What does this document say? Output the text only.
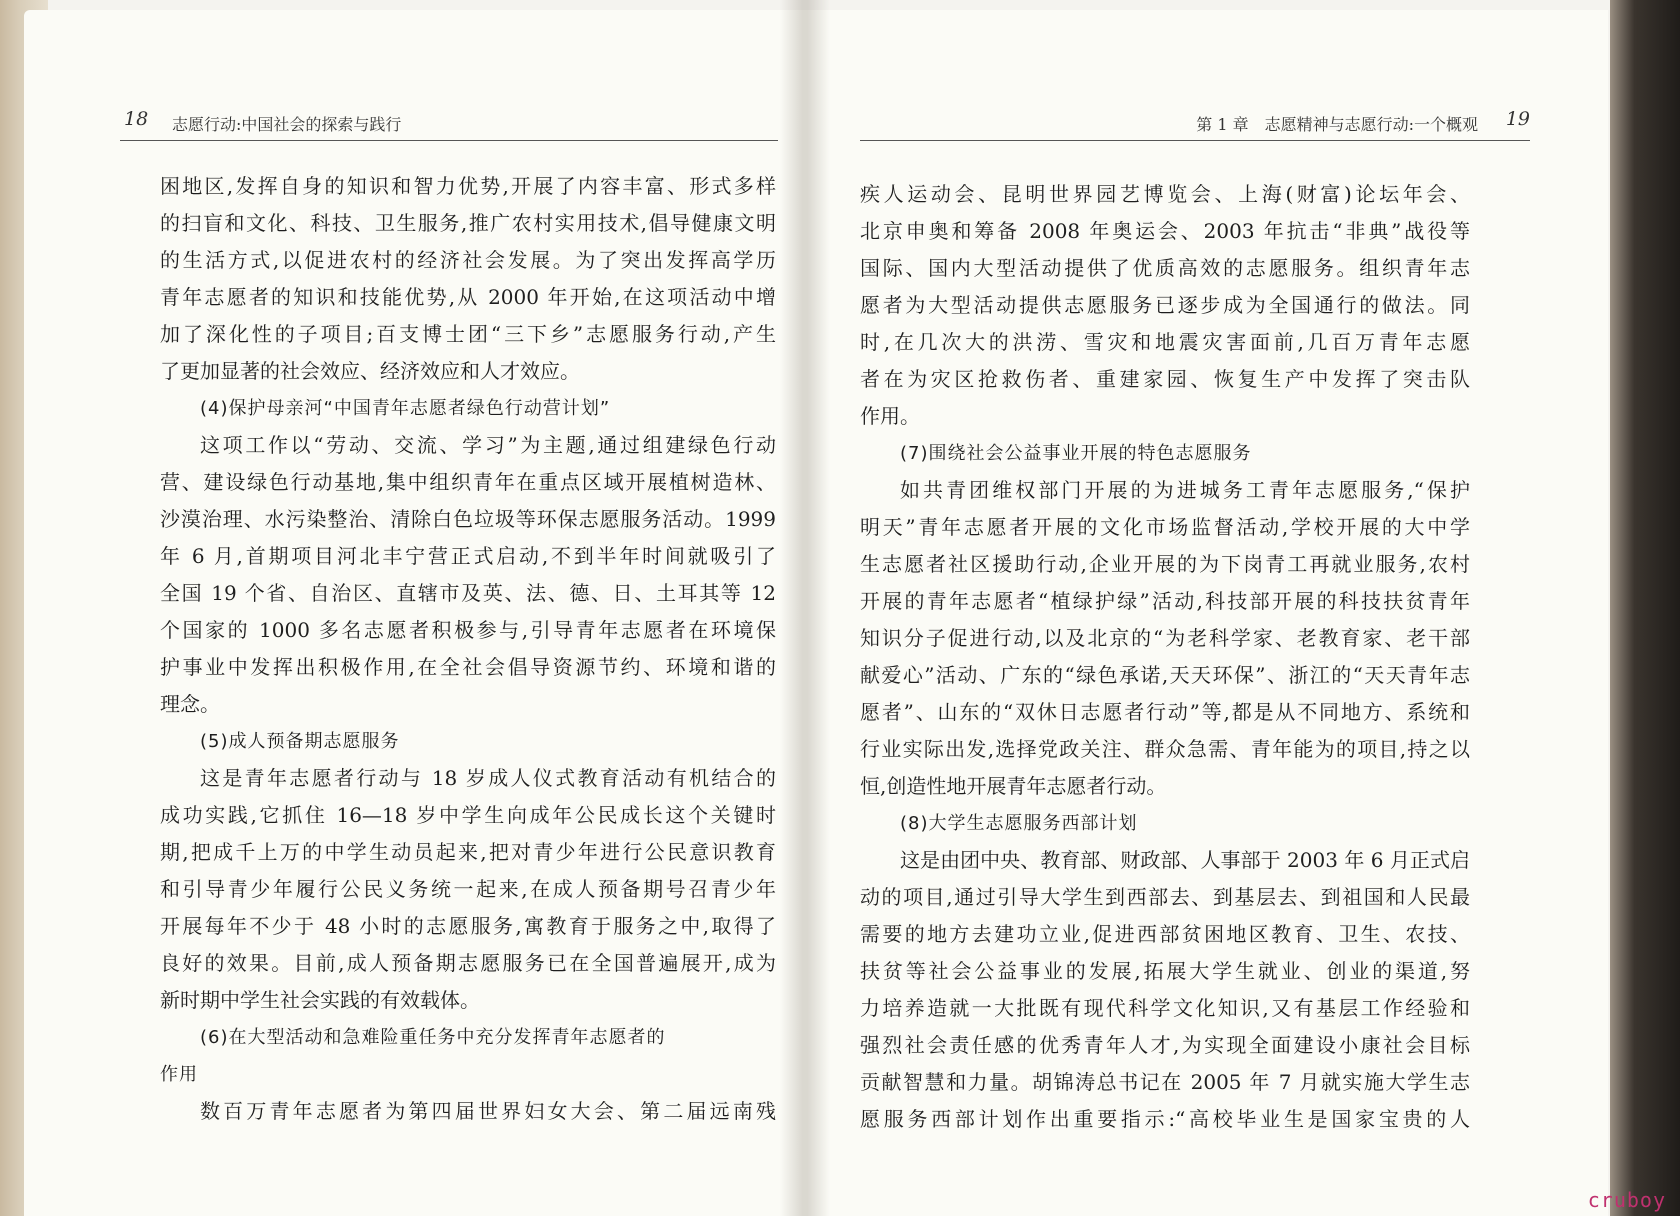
18 志愿行动:中国社会的探索与践行	第 1 章　志愿精神与志愿行动:一个概观 19
困地区,发挥自身的知识和智力优势,开展了内容丰富、形式多样
的扫盲和文化、科技、卫生服务,推广农村实用技术,倡导健康文明
的生活方式,以促进农村的经济社会发展。为了突出发挥高学历
青年志愿者的知识和技能优势,从 2000 年开始,在这项活动中增
加了深化性的子项目;百支博士团“三下乡”志愿服务行动,产生
了更加显著的社会效应、经济效应和人才效应。
(4)保护母亲河“中国青年志愿者绿色行动营计划”
这项工作以“劳动、交流、学习”为主题,通过组建绿色行动
营、建设绿色行动基地,集中组织青年在重点区域开展植树造林、
沙漠治理、水污染整治、清除白色垃圾等环保志愿服务活动。1999
年 6 月,首期项目河北丰宁营正式启动,不到半年时间就吸引了
全国 19 个省、自治区、直辖市及英、法、德、日、土耳其等 12
个国家的 1000 多名志愿者积极参与,引导青年志愿者在环境保
护事业中发挥出积极作用,在全社会倡导资源节约、环境和谐的
理念。
(5)成人预备期志愿服务
这是青年志愿者行动与 18 岁成人仪式教育活动有机结合的
成功实践,它抓住 16—18 岁中学生向成年公民成长这个关键时
期,把成千上万的中学生动员起来,把对青少年进行公民意识教育
和引导青少年履行公民义务统一起来,在成人预备期号召青少年
开展每年不少于 48 小时的志愿服务,寓教育于服务之中,取得了
良好的效果。目前,成人预备期志愿服务已在全国普遍展开,成为
新时期中学生社会实践的有效载体。
(6)在大型活动和急难险重任务中充分发挥青年志愿者的
作用
数百万青年志愿者为第四届世界妇女大会、第二届远南残
疾人运动会、昆明世界园艺博览会、上海(财富)论坛年会、
北京申奥和筹备 2008 年奥运会、2003 年抗击“非典”战役等
国际、国内大型活动提供了优质高效的志愿服务。组织青年志
愿者为大型活动提供志愿服务已逐步成为全国通行的做法。同
时,在几次大的洪涝、雪灾和地震灾害面前,几百万青年志愿
者在为灾区抢救伤者、重建家园、恢复生产中发挥了突击队
作用。
(7)围绕社会公益事业开展的特色志愿服务
如共青团维权部门开展的为进城务工青年志愿服务,“保护
明天”青年志愿者开展的文化市场监督活动,学校开展的大中学
生志愿者社区援助行动,企业开展的为下岗青工再就业服务,农村
开展的青年志愿者“植绿护绿”活动,科技部开展的科技扶贫青年
知识分子促进行动,以及北京的“为老科学家、老教育家、老干部
献爱心”活动、广东的“绿色承诺,天天环保”、浙江的“天天青年志
愿者”、山东的“双休日志愿者行动”等,都是从不同地方、系统和
行业实际出发,选择党政关注、群众急需、青年能为的项目,持之以
恒,创造性地开展青年志愿者行动。
(8)大学生志愿服务西部计划
这是由团中央、教育部、财政部、人事部于 2003 年 6 月正式启
动的项目,通过引导大学生到西部去、到基层去、到祖国和人民最
需要的地方去建功立业,促进西部贫困地区教育、卫生、农技、
扶贫等社会公益事业的发展,拓展大学生就业、创业的渠道,努
力培养造就一大批既有现代科学文化知识,又有基层工作经验和
强烈社会责任感的优秀青年人才,为实现全面建设小康社会目标
贡献智慧和力量。胡锦涛总书记在 2005 年 7 月就实施大学生志
愿服务西部计划作出重要指示:“高校毕业生是国家宝贵的人
cruboy
